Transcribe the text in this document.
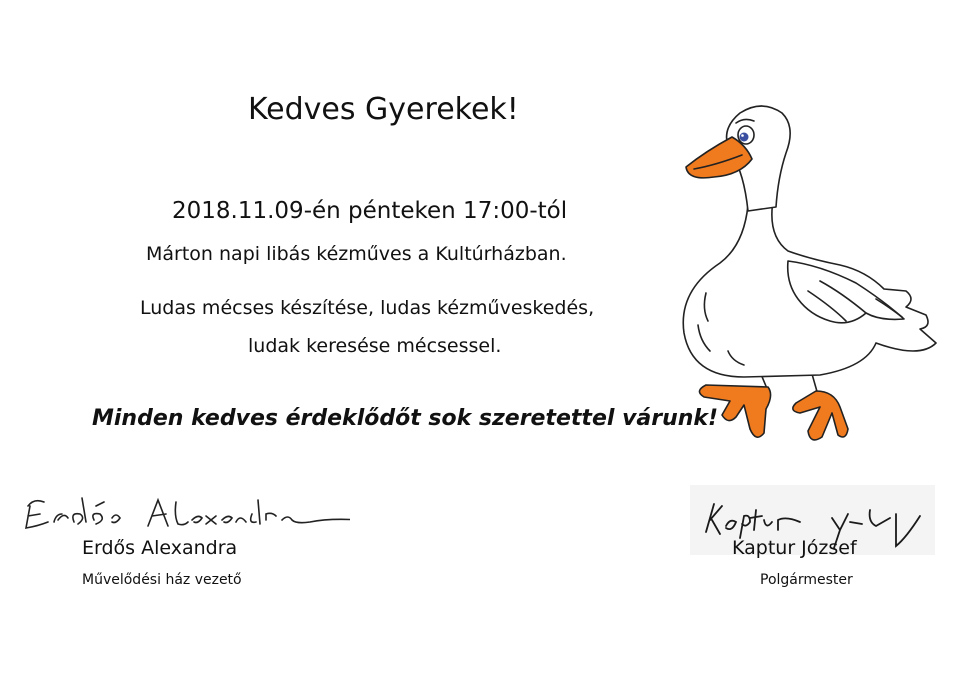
Kedves Gyerekek!
2018.11.09-én pénteken 17:00-tól
Márton napi libás kézműves a Kultúrházban.
Ludas mécses készítése, ludas kézműveskedés,
ludak keresése mécsessel.
Minden kedves érdeklődőt sok szeretettel várunk!
Erdős Alexandra
Művelődési ház vezető
Kaptur József
Polgármester
